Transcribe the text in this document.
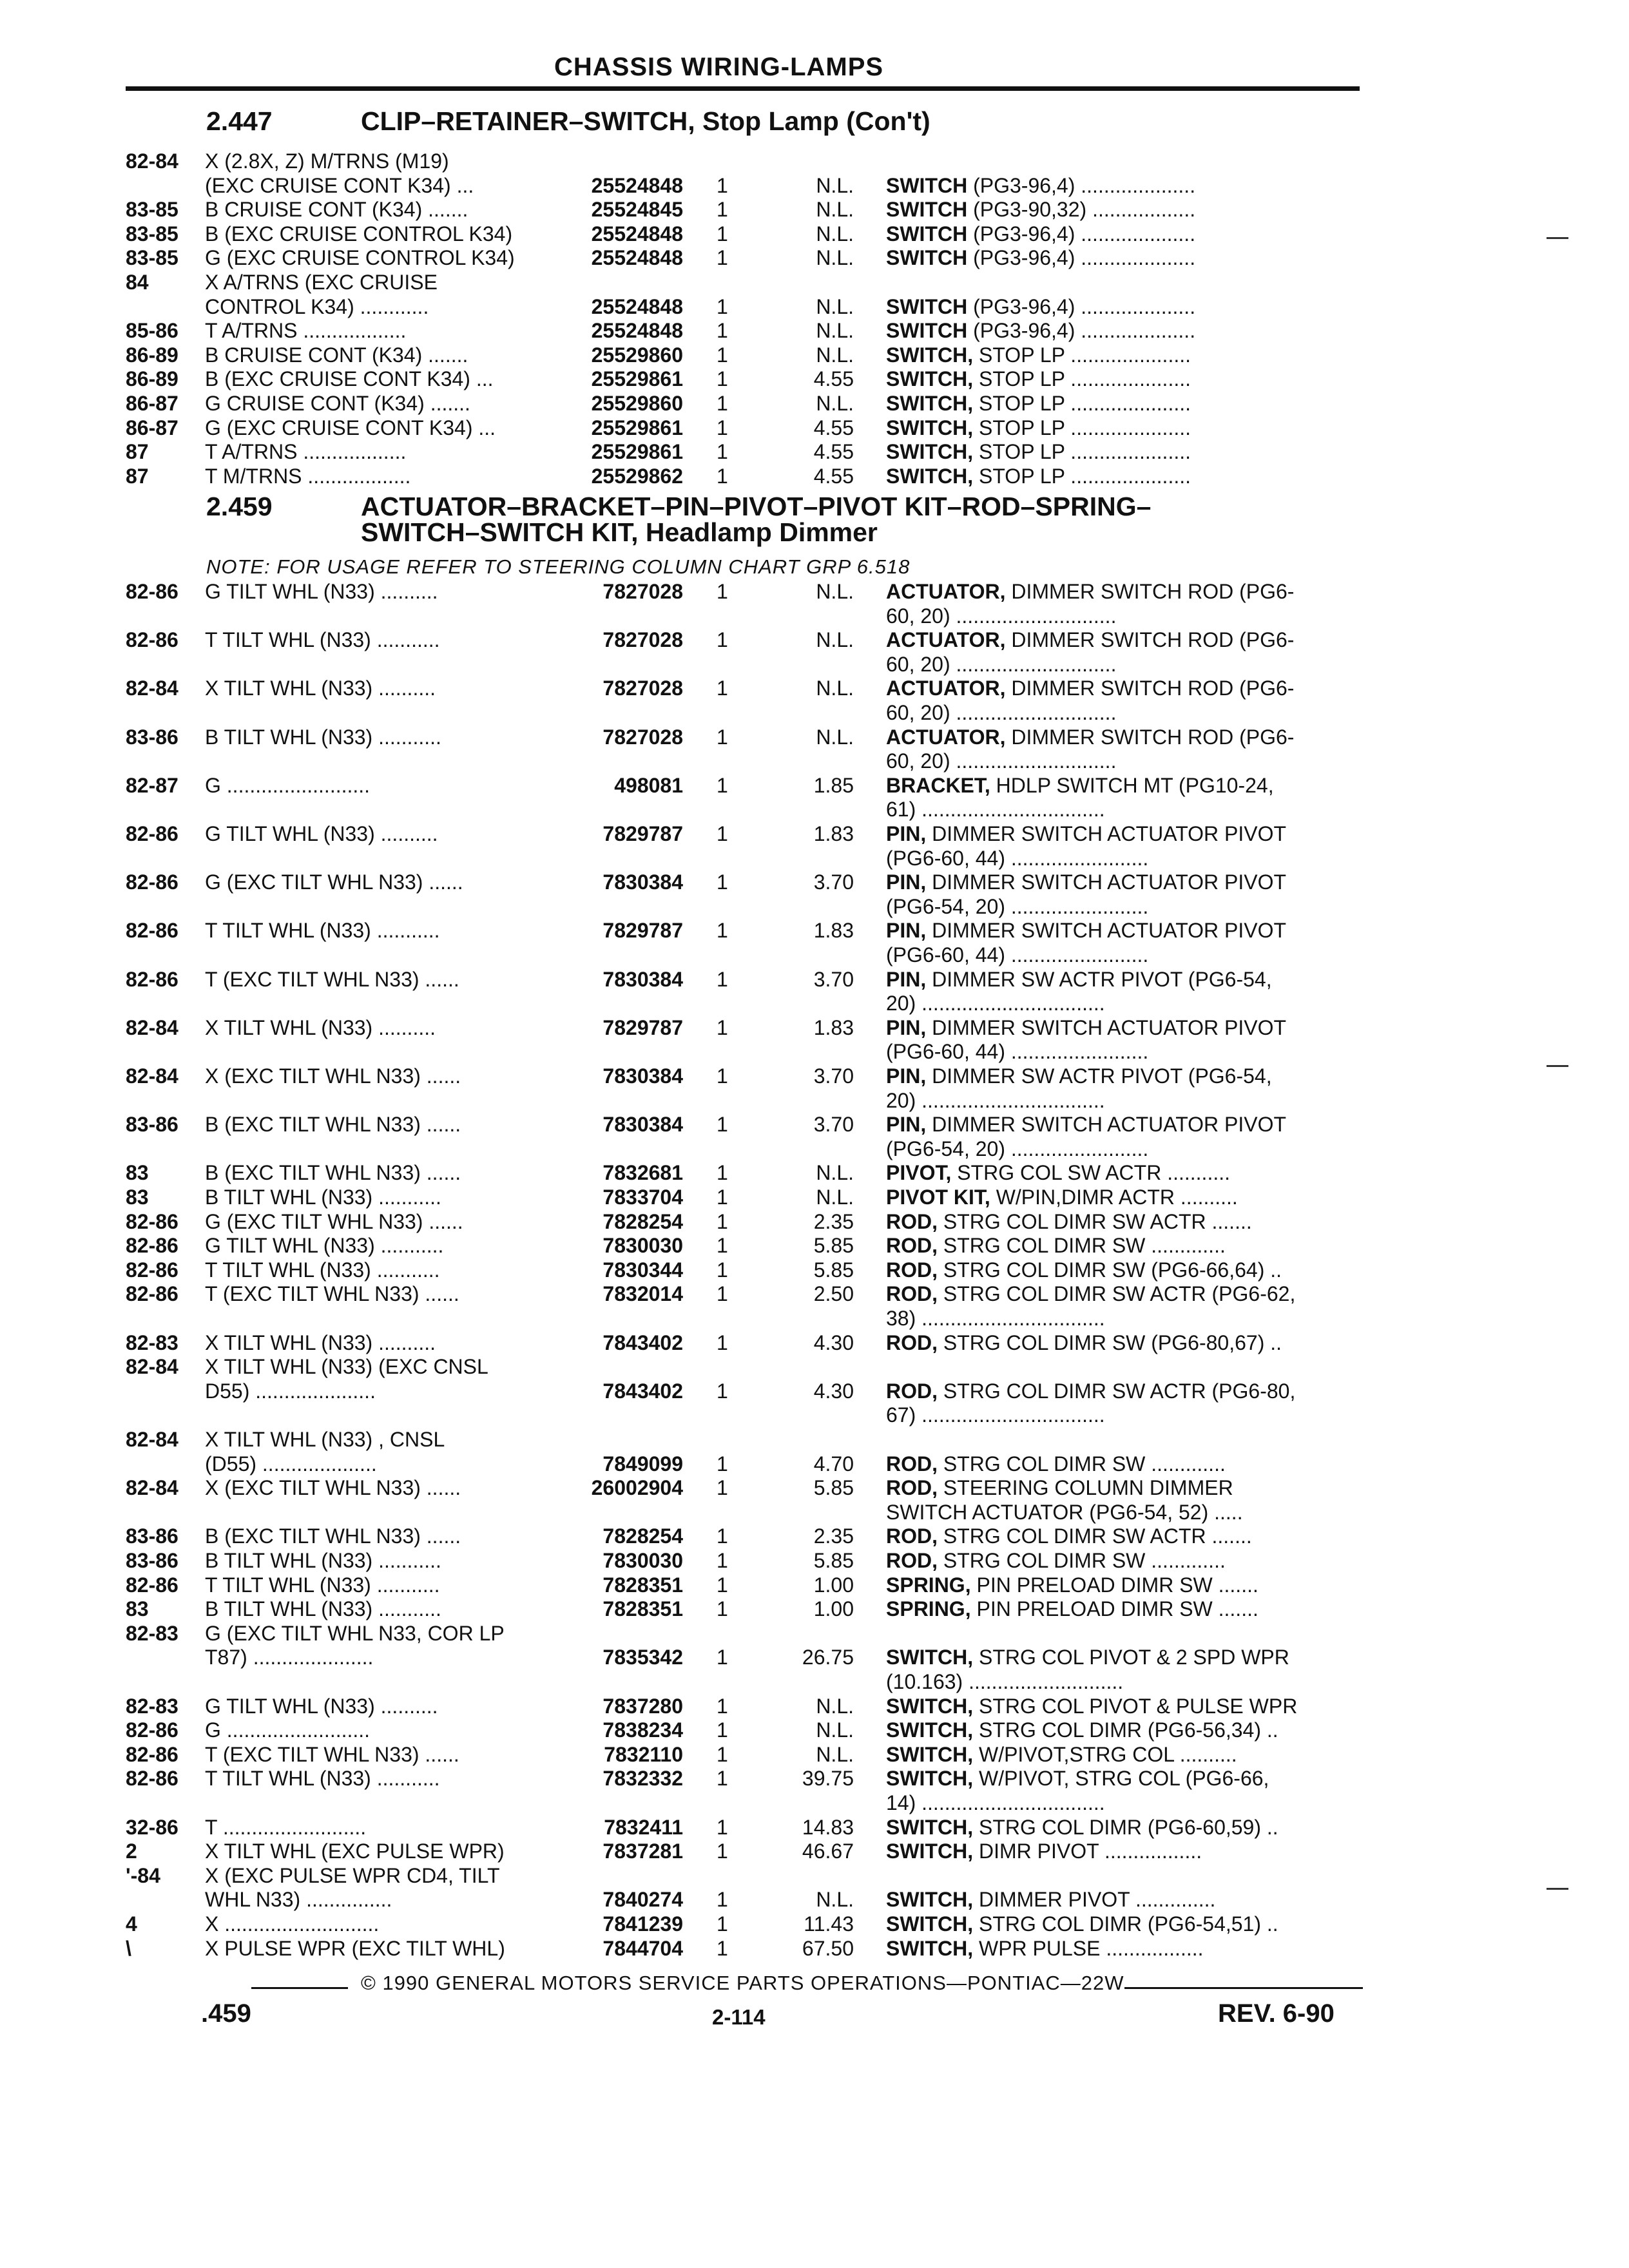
CHASSIS WIRING-LAMPS
2.447	CLIP–RETAINER–SWITCH, Stop Lamp (Con't)
2.459	ACTUATOR–BRACKET–PIN–PIVOT–PIVOT KIT–ROD–SPRING–
SWITCH–SWITCH KIT, Headlamp Dimmer
NOTE: FOR USAGE REFER TO STEERING COLUMN CHART GRP 6.518
82-84 X (2.8X, Z) M/TRNS (M19)
(EXC CRUISE CONT K34) ...	25524848 1	N.L. SWITCH (PG3-96,4) ....................
83-85 B CRUISE CONT (K34) .......	25524845 1	N.L. SWITCH (PG3-90,32) ..................
83-85 B (EXC CRUISE CONTROL K34)	25524848 1	N.L. SWITCH (PG3-96,4) ....................
83-85 G (EXC CRUISE CONTROL K34)	25524848 1	N.L. SWITCH (PG3-96,4) ....................
84	X A/TRNS (EXC CRUISE
CONTROL K34) ............	25524848 1	N.L. SWITCH (PG3-96,4) ....................
85-86 T A/TRNS ..................	25524848 1	N.L. SWITCH (PG3-96,4) ....................
86-89 B CRUISE CONT (K34) .......	25529860 1	N.L. SWITCH, STOP LP .....................
86-89 B (EXC CRUISE CONT K34) ...	25529861 1	4.55 SWITCH, STOP LP .....................
86-87 G CRUISE CONT (K34) .......	25529860 1	N.L. SWITCH, STOP LP .....................
86-87 G (EXC CRUISE CONT K34) ...	25529861 1	4.55 SWITCH, STOP LP .....................
87	T A/TRNS ..................	25529861 1	4.55 SWITCH, STOP LP .....................
87	T M/TRNS ..................	25529862 1	4.55 SWITCH, STOP LP .....................
82-86 G TILT WHL (N33) ..........	7827028 1	N.L. ACTUATOR, DIMMER SWITCH ROD (PG6-
60, 20) ............................
82-86 T TILT WHL (N33) ...........	7827028 1	N.L. ACTUATOR, DIMMER SWITCH ROD (PG6-
60, 20) ............................
82-84 X TILT WHL (N33) ..........	7827028 1	N.L. ACTUATOR, DIMMER SWITCH ROD (PG6-
60, 20) ............................
83-86 B TILT WHL (N33) ...........	7827028 1	N.L. ACTUATOR, DIMMER SWITCH ROD (PG6-
60, 20) ............................
82-87 G .........................	498081 1	1.85 BRACKET, HDLP SWITCH MT (PG10-24,
61) ................................
82-86 G TILT WHL (N33) ..........	7829787 1	1.83 PIN, DIMMER SWITCH ACTUATOR PIVOT
(PG6-60, 44) ........................
82-86 G (EXC TILT WHL N33) ......	7830384 1	3.70 PIN, DIMMER SWITCH ACTUATOR PIVOT
(PG6-54, 20) ........................
82-86 T TILT WHL (N33) ...........	7829787 1	1.83 PIN, DIMMER SWITCH ACTUATOR PIVOT
(PG6-60, 44) ........................
82-86 T (EXC TILT WHL N33) ......	7830384 1	3.70 PIN, DIMMER SW ACTR PIVOT (PG6-54,
20) ................................
82-84 X TILT WHL (N33) ..........	7829787 1	1.83 PIN, DIMMER SWITCH ACTUATOR PIVOT
(PG6-60, 44) ........................
82-84 X (EXC TILT WHL N33) ......	7830384 1	3.70 PIN, DIMMER SW ACTR PIVOT (PG6-54,
20) ................................
83-86 B (EXC TILT WHL N33) ......	7830384 1	3.70 PIN, DIMMER SWITCH ACTUATOR PIVOT
(PG6-54, 20) ........................
83	B (EXC TILT WHL N33) ......	7832681 1	N.L. PIVOT, STRG COL SW ACTR ...........
83	B TILT WHL (N33) ...........	7833704 1	N.L. PIVOT KIT, W/PIN,DIMR ACTR ..........
82-86 G (EXC TILT WHL N33) ......	7828254 1	2.35 ROD, STRG COL DIMR SW ACTR .......
82-86 G TILT WHL (N33) ...........	7830030 1	5.85 ROD, STRG COL DIMR SW .............
82-86 T TILT WHL (N33) ...........	7830344 1	5.85 ROD, STRG COL DIMR SW (PG6-66,64) ..
82-86 T (EXC TILT WHL N33) ......	7832014 1	2.50 ROD, STRG COL DIMR SW ACTR (PG6-62,
38) ................................
82-83 X TILT WHL (N33) ..........	7843402 1	4.30 ROD, STRG COL DIMR SW (PG6-80,67) ..
82-84 X TILT WHL (N33) (EXC CNSL
D55) .....................	7843402 1	4.30 ROD, STRG COL DIMR SW ACTR (PG6-80,
67) ................................
82-84 X TILT WHL (N33) , CNSL
(D55) ....................	7849099 1	4.70 ROD, STRG COL DIMR SW .............
82-84 X (EXC TILT WHL N33) ......	26002904 1	5.85 ROD, STEERING COLUMN DIMMER
SWITCH ACTUATOR (PG6-54, 52) .....
83-86 B (EXC TILT WHL N33) ......	7828254 1	2.35 ROD, STRG COL DIMR SW ACTR .......
83-86 B TILT WHL (N33) ...........	7830030 1	5.85 ROD, STRG COL DIMR SW .............
82-86 T TILT WHL (N33) ...........	7828351 1	1.00 SPRING, PIN PRELOAD DIMR SW .......
83	B TILT WHL (N33) ...........	7828351 1	1.00 SPRING, PIN PRELOAD DIMR SW .......
82-83 G (EXC TILT WHL N33, COR LP
T87) .....................	7835342 1	26.75 SWITCH, STRG COL PIVOT & 2 SPD WPR
(10.163) ...........................
82-83 G TILT WHL (N33) ..........	7837280 1	N.L. SWITCH, STRG COL PIVOT & PULSE WPR
82-86 G .........................	7838234 1	N.L. SWITCH, STRG COL DIMR (PG6-56,34) ..
82-86 T (EXC TILT WHL N33) ......	7832110 1	N.L. SWITCH, W/PIVOT,STRG COL ..........
82-86 T TILT WHL (N33) ...........	7832332 1	39.75 SWITCH, W/PIVOT, STRG COL (PG6-66,
14) ................................
32-86 T .........................	7832411 1	14.83 SWITCH, STRG COL DIMR (PG6-60,59) ..
2	X TILT WHL (EXC PULSE WPR)	7837281 1	46.67 SWITCH, DIMR PIVOT .................
'-84 X (EXC PULSE WPR CD4, TILT
WHL N33) ...............	7840274 1	N.L. SWITCH, DIMMER PIVOT ..............
4	X ...........................	7841239 1	11.43 SWITCH, STRG COL DIMR (PG6-54,51) ..
\	X PULSE WPR (EXC TILT WHL)	7844704 1	67.50 SWITCH, WPR PULSE .................
© 1990 GENERAL MOTORS SERVICE PARTS OPERATIONS—PONTIAC—22W
.459	2-114	REV. 6-90
